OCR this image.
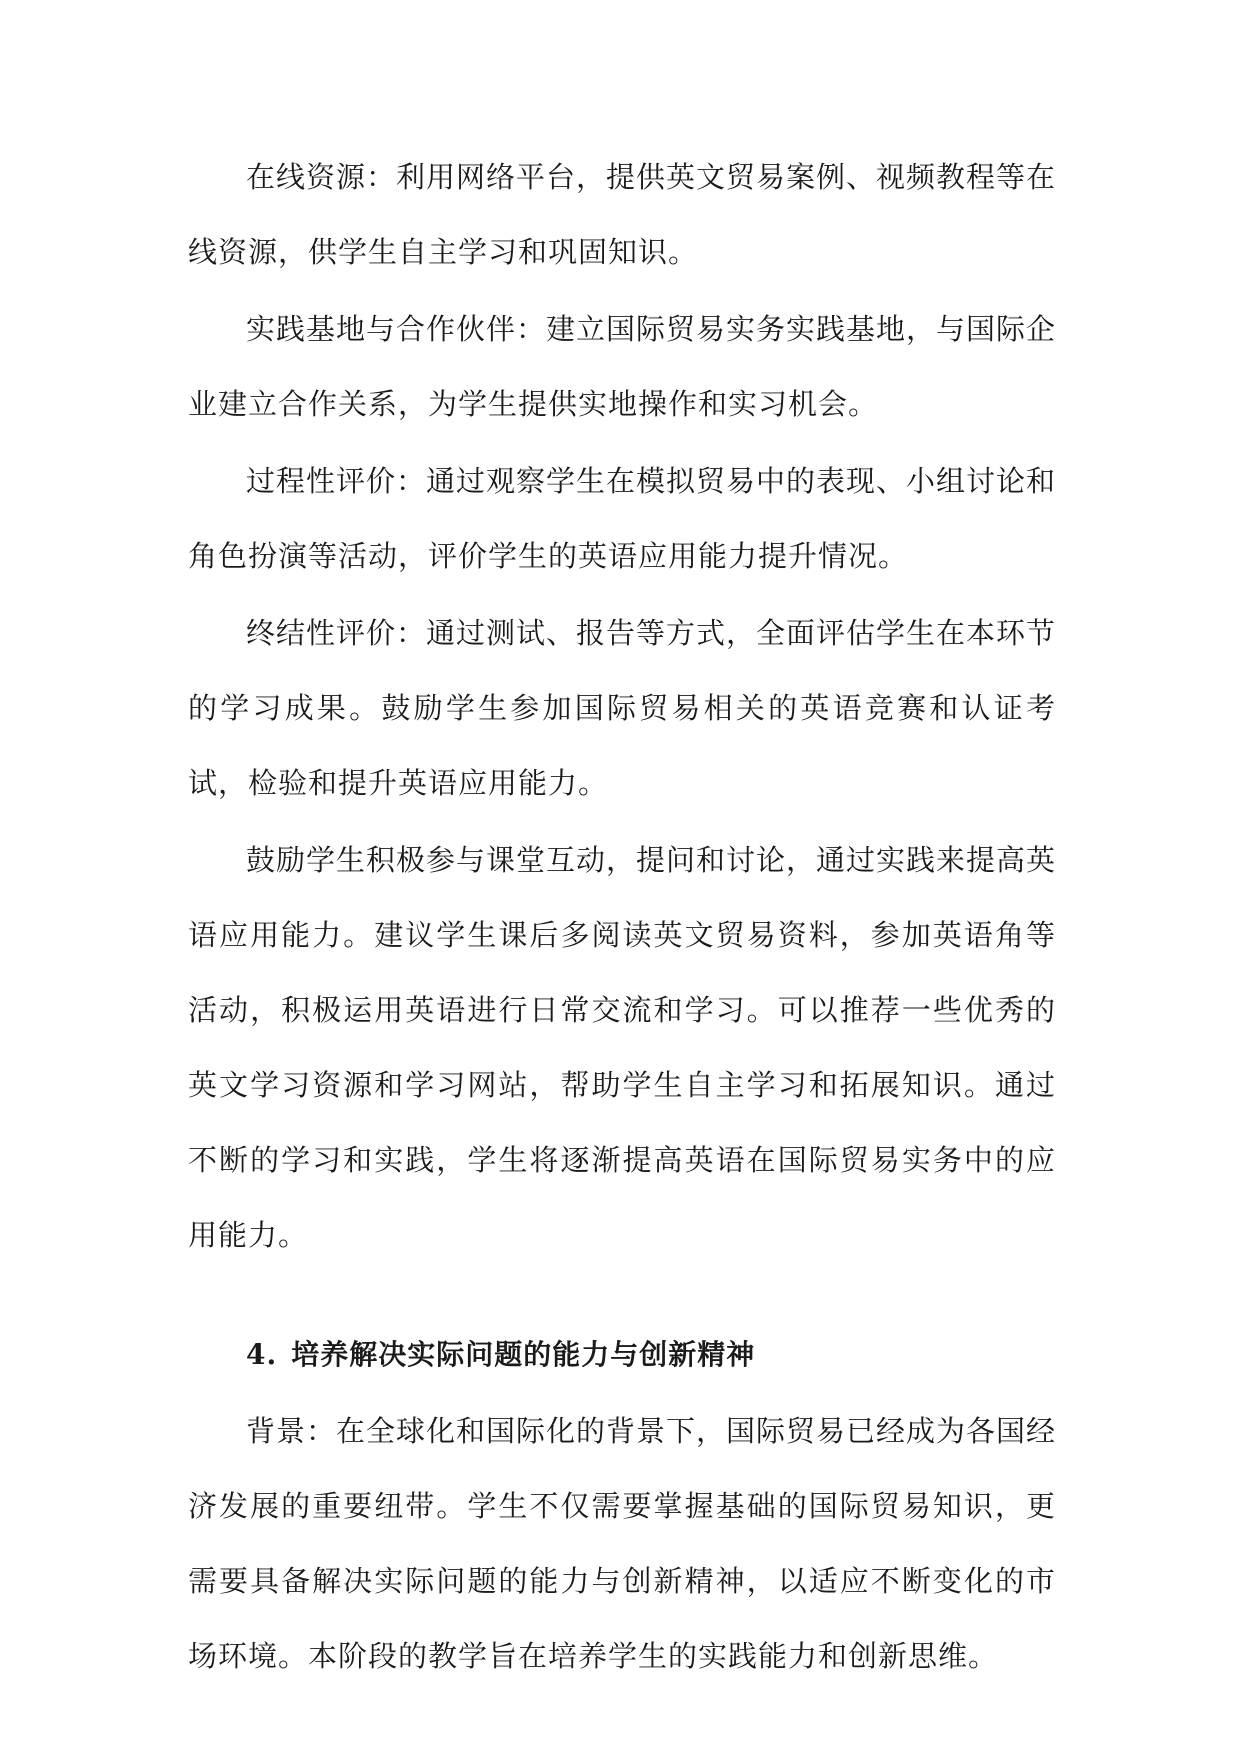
在线资源：利用网络平台，提供英文贸易案例、视频教程等在线资源，供学生自主学习和巩固知识。

实践基地与合作伙伴：建立国际贸易实务实践基地，与国际企业建立合作关系，为学生提供实地操作和实习机会。

过程性评价：通过观察学生在模拟贸易中的表现、小组讨论和角色扮演等活动，评价学生的英语应用能力提升情况。

终结性评价：通过测试、报告等方式，全面评估学生在本环节的学习成果。鼓励学生参加国际贸易相关的英语竞赛和认证考试，检验和提升英语应用能力。

鼓励学生积极参与课堂互动，提问和讨论，通过实践来提高英语应用能力。建议学生课后多阅读英文贸易资料，参加英语角等活动，积极运用英语进行日常交流和学习。可以推荐一些优秀的英文学习资源和学习网站，帮助学生自主学习和拓展知识。通过不断的学习和实践，学生将逐渐提高英语在国际贸易实务中的应用能力。

4. 培养解决实际问题的能力与创新精神

背景：在全球化和国际化的背景下，国际贸易已经成为各国经济发展的重要纽带。学生不仅需要掌握基础的国际贸易知识，更需要具备解决实际问题的能力与创新精神，以适应不断变化的市场环境。本阶段的教学旨在培养学生的实践能力和创新思维。
